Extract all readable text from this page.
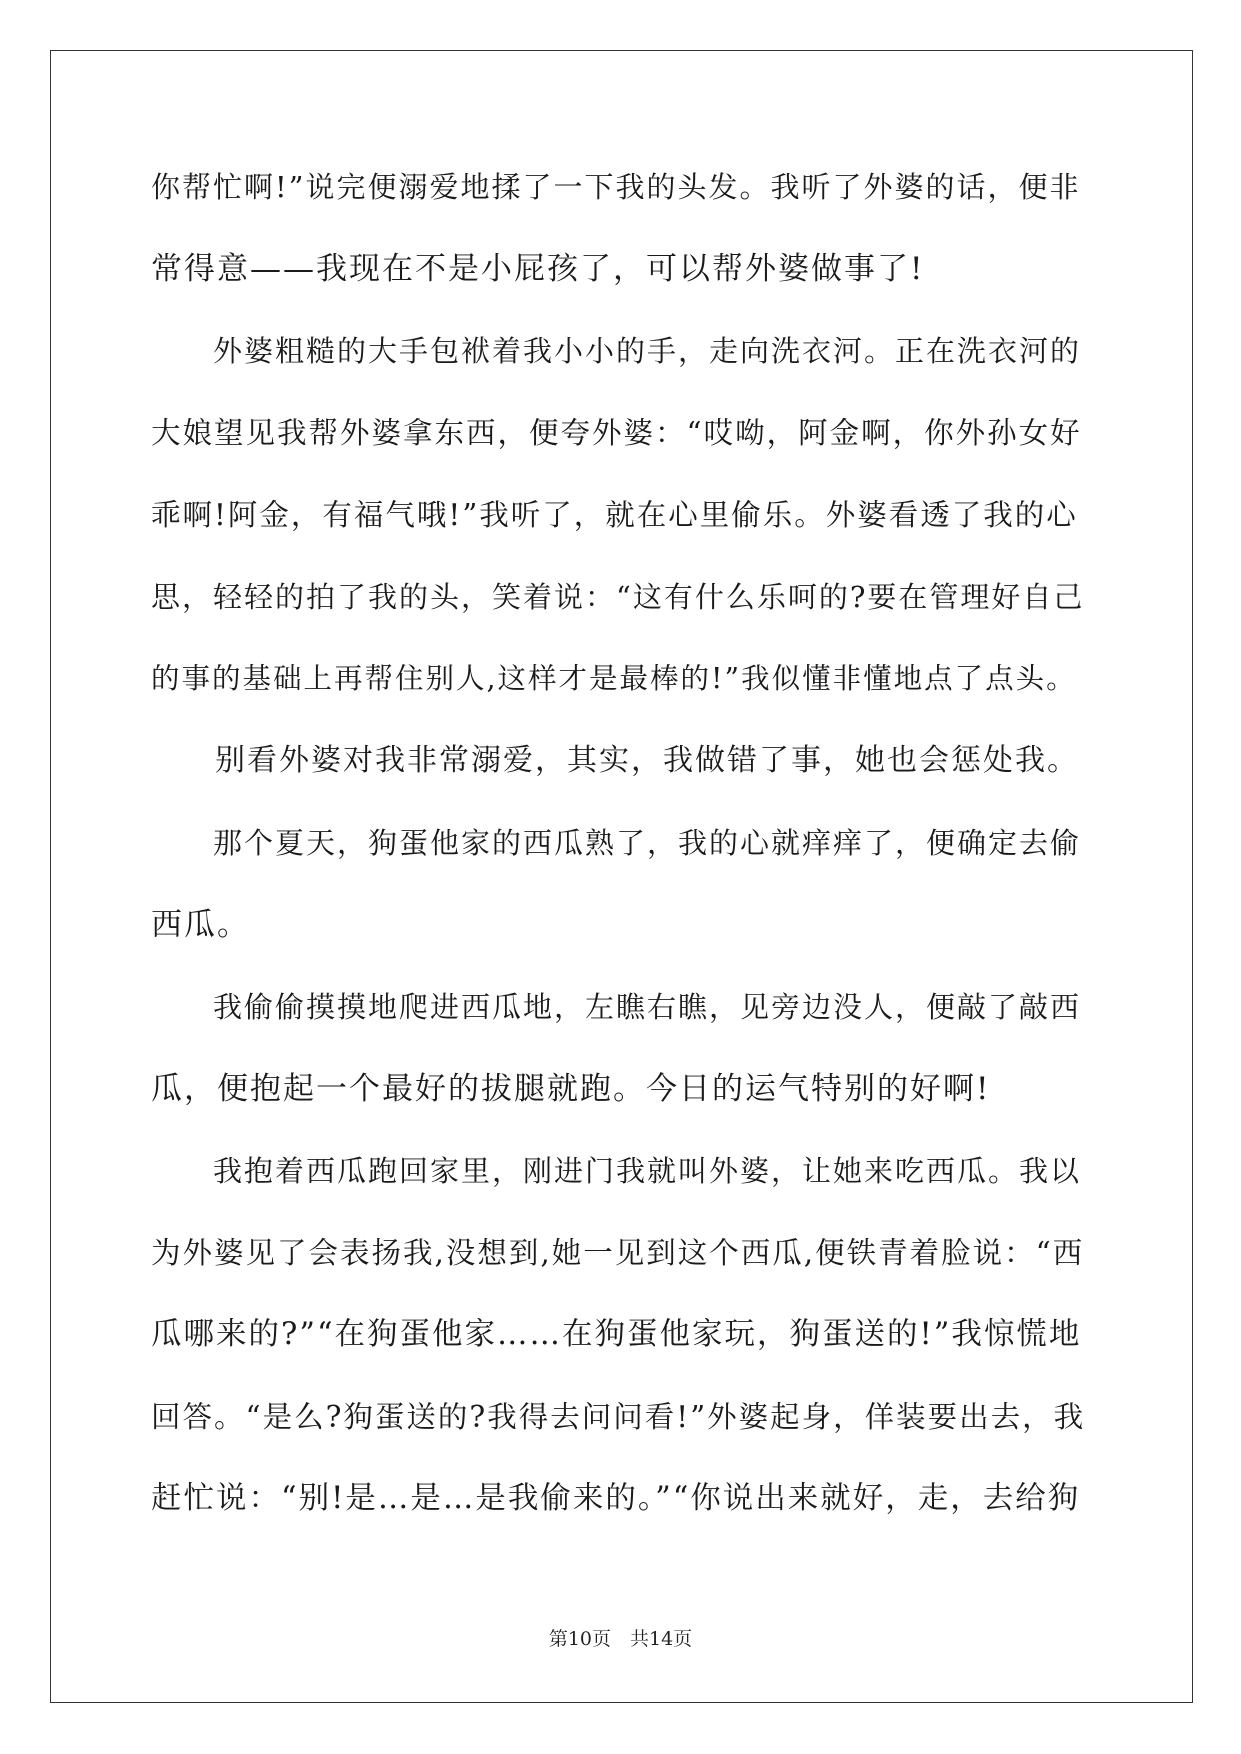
你帮忙啊!”说完便溺爱地揉了一下我的头发。我听了外婆的话，便非
常得意——我现在不是小屁孩了，可以帮外婆做事了!
　　外婆粗糙的大手包袱着我小小的手，走向洗衣河。正在洗衣河的
大娘望见我帮外婆拿东西，便夸外婆：“哎呦，阿金啊，你外孙女好
乖啊!阿金，有福气哦!”我听了，就在心里偷乐。外婆看透了我的心
思，轻轻的拍了我的头，笑着说：“这有什么乐呵的?要在管理好自己
的事的基础上再帮住别人,这样才是最棒的!”我似懂非懂地点了点头。
　　别看外婆对我非常溺爱，其实，我做错了事，她也会惩处我。
　　那个夏天，狗蛋他家的西瓜熟了，我的心就痒痒了，便确定去偷
西瓜。
　　我偷偷摸摸地爬进西瓜地，左瞧右瞧，见旁边没人，便敲了敲西
瓜，便抱起一个最好的拔腿就跑。今日的运气特别的好啊!
　　我抱着西瓜跑回家里，刚进门我就叫外婆，让她来吃西瓜。我以
为外婆见了会表扬我,没想到,她一见到这个西瓜,便铁青着脸说：“西
瓜哪来的?”“在狗蛋他家……在狗蛋他家玩，狗蛋送的!”我惊慌地
回答。“是么?狗蛋送的?我得去问问看!”外婆起身，佯装要出去，我
赶忙说：“别!是…是…是我偷来的。”“你说出来就好，走，去给狗
第10页　共14页
